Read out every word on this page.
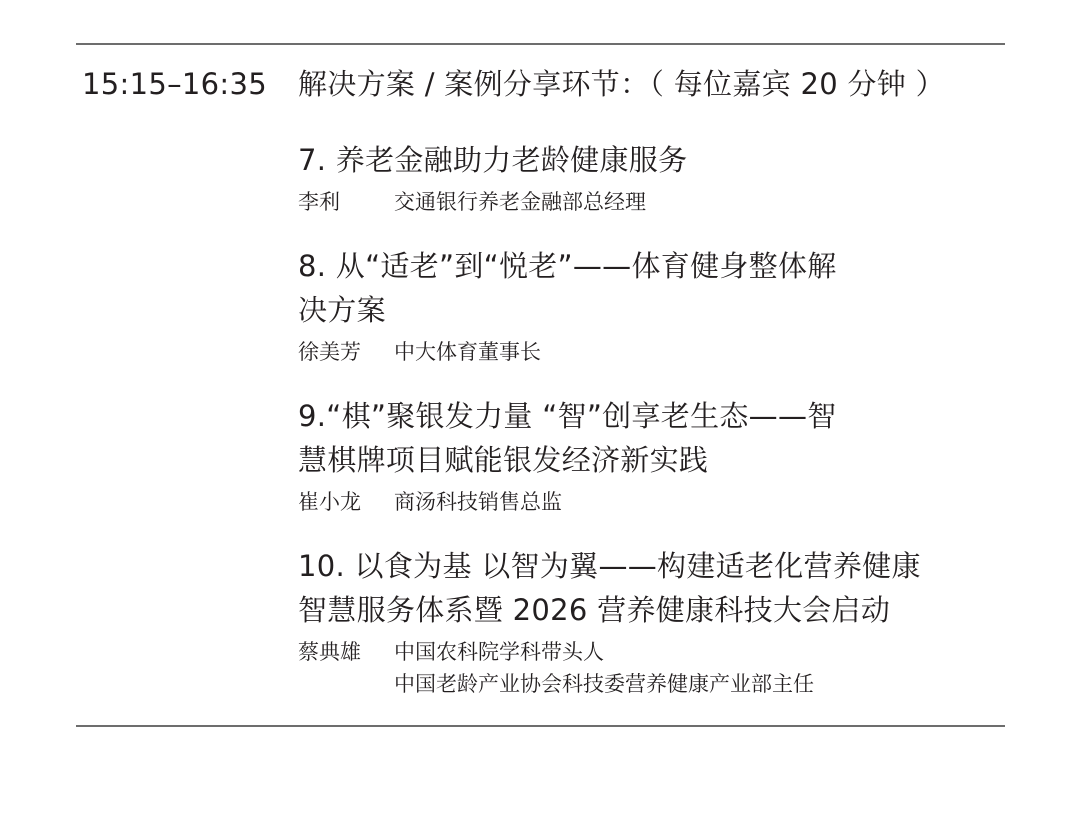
15:15–16:35 解决方案 / 案例分享环节：（ 每位嘉宾 20 分钟 ）
7. 养老金融助力老龄健康服务
李利	交通银行养老金融部总经理
8. 从“适老”到“悦老”——体育健身整体解
决方案
徐美芳	中大体育董事长
9.“棋”聚银发力量 “智”创享老生态——智
慧棋牌项目赋能银发经济新实践
崔小龙	商汤科技销售总监
10. 以食为基 以智为翼——构建适老化营养健康
智慧服务体系暨 2026 营养健康科技大会启动
蔡典雄	中国农科院学科带头人
中国老龄产业协会科技委营养健康产业部主任
